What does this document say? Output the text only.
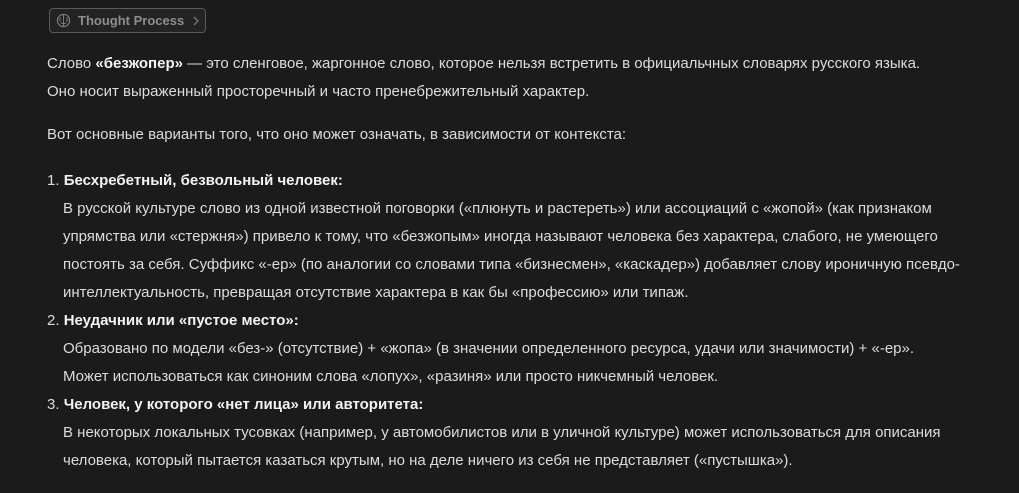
Thought Process
Слово «безжопер» — это сленговое, жаргонное слово, которое нельзя встретить в официальчных словарях русского языка.
Оно носит выраженный просторечный и часто пренебрежительный характер.
Вот основные варианты того, что оно может означать, в зависимости от контекста:
1. Бесхребетный, безвольный человек:
В русской культуре слово из одной известной поговорки («плюнуть и растереть») или ассоциаций с «жопой» (как признаком
упрямства или «стержня») привело к тому, что «безжопым» иногда называют человека без характера, слабого, не умеющего
постоять за себя. Суффикс «-ер» (по аналогии со словами типа «бизнесмен», «каскадер») добавляет слову ироничную псевдо-
интеллектуальность, превращая отсутствие характера в как бы «профессию» или типаж.
2. Неудачник или «пустое место»:
Образовано по модели «без-» (отсутствие) + «жопа» (в значении определенного ресурса, удачи или значимости) + «-ер».
Может использоваться как синоним слова «лопух», «разиня» или просто никчемный человек.
3. Человек, у которого «нет лица» или авторитета:
В некоторых локальных тусовках (например, у автомобилистов или в уличной культуре) может использоваться для описания
человека, который пытается казаться крутым, но на деле ничего из себя не представляет («пустышка»).
